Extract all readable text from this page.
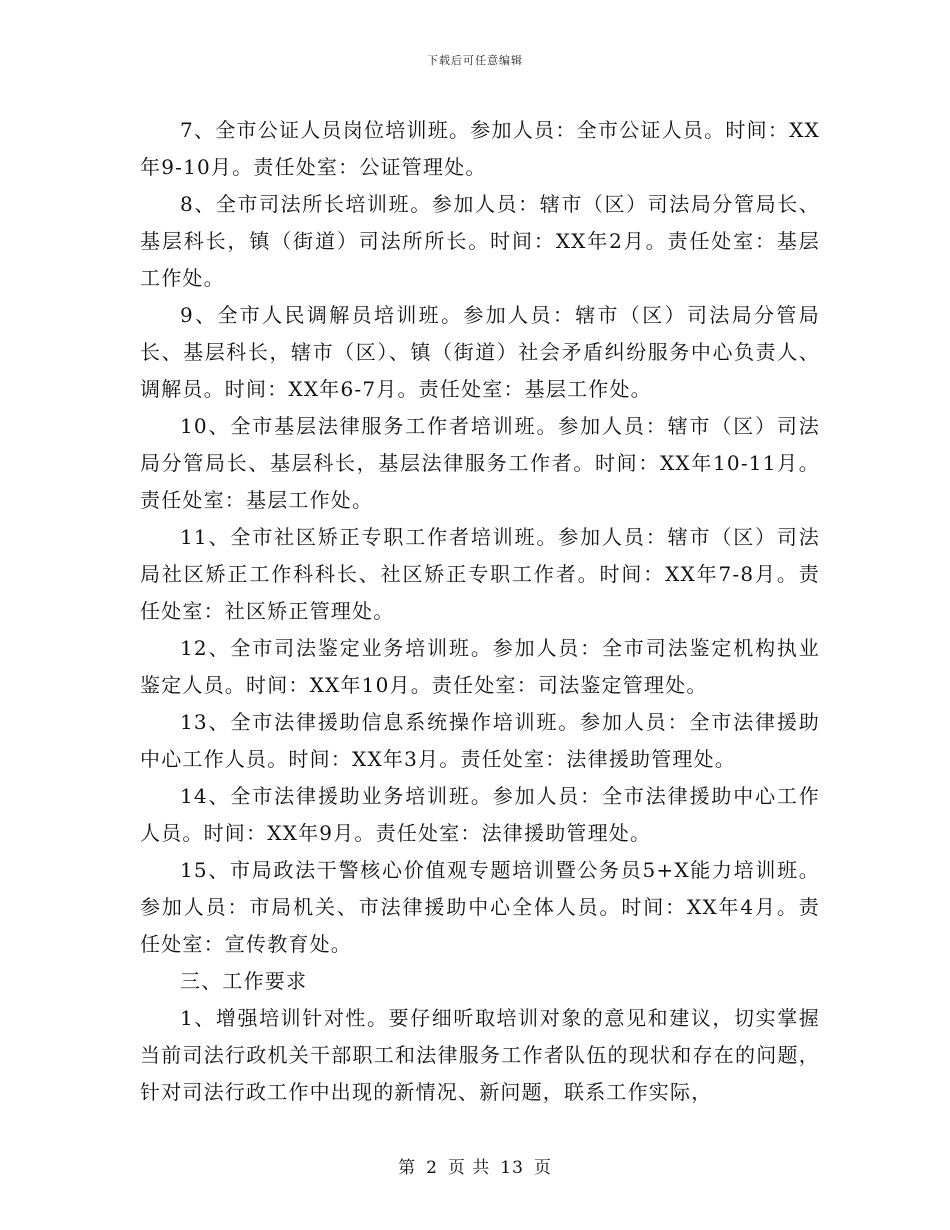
下载后可任意编辑

7、全市公证人员岗位培训班。参加人员：全市公证人员。时间：XX年9-10月。责任处室：公证管理处。

8、全市司法所长培训班。参加人员：辖市（区）司法局分管局长、基层科长，镇（街道）司法所所长。时间：XX年2月。责任处室：基层工作处。

9、全市人民调解员培训班。参加人员：辖市（区）司法局分管局长、基层科长，辖市（区）、镇（街道）社会矛盾纠纷服务中心负责人、调解员。时间：XX年6-7月。责任处室：基层工作处。

10、全市基层法律服务工作者培训班。参加人员：辖市（区）司法局分管局长、基层科长，基层法律服务工作者。时间：XX年10-11月。责任处室：基层工作处。

11、全市社区矫正专职工作者培训班。参加人员：辖市（区）司法局社区矫正工作科科长、社区矫正专职工作者。时间：XX年7-8月。责任处室：社区矫正管理处。

12、全市司法鉴定业务培训班。参加人员：全市司法鉴定机构执业鉴定人员。时间：XX年10月。责任处室：司法鉴定管理处。

13、全市法律援助信息系统操作培训班。参加人员：全市法律援助中心工作人员。时间：XX年3月。责任处室：法律援助管理处。

14、全市法律援助业务培训班。参加人员：全市法律援助中心工作人员。时间：XX年9月。责任处室：法律援助管理处。

15、市局政法干警核心价值观专题培训暨公务员5+X能力培训班。参加人员：市局机关、市法律援助中心全体人员。时间：XX年4月。责任处室：宣传教育处。

三、工作要求

1、增强培训针对性。要仔细听取培训对象的意见和建议，切实掌握当前司法行政机关干部职工和法律服务工作者队伍的现状和存在的问题，针对司法行政工作中出现的新情况、新问题，联系工作实际，

第 2 页 共 13 页
